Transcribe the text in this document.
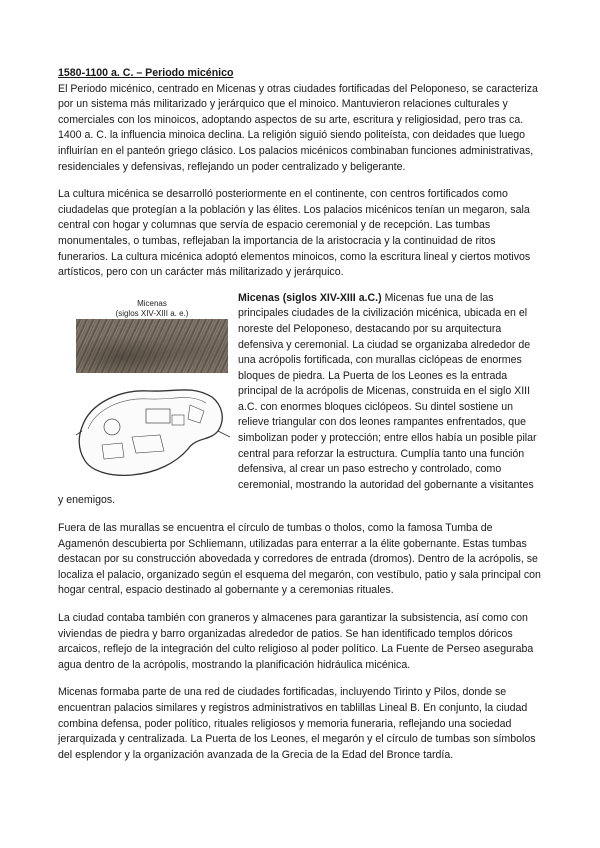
1580-1100 a. C. – Periodo micénico

El Periodo micénico, centrado en Micenas y otras ciudades fortificadas del Peloponeso, se caracteriza por un sistema más militarizado y jerárquico que el minoico. Mantuvieron relaciones culturales y comerciales con los minoicos, adoptando aspectos de su arte, escritura y religiosidad, pero tras ca. 1400 a. C. la influencia minoica declina. La religión siguió siendo politeísta, con deidades que luego influirían en el panteón griego clásico. Los palacios micénicos combinaban funciones administrativas, residenciales y defensivas, reflejando un poder centralizado y beligerante.

La cultura micénica se desarrolló posteriormente en el continente, con centros fortificados como ciudadelas que protegían a la población y las élites. Los palacios micénicos tenían un megaron, sala central con hogar y columnas que servía de espacio ceremonial y de recepción. Las tumbas monumentales, o tumbas, reflejaban la importancia de la aristocracia y la continuidad de ritos funerarios. La cultura micénica adoptó elementos minoicos, como la escritura lineal y ciertos motivos artísticos, pero con un carácter más militarizado y jerárquico.

Micenas
(siglos XIV-XIII a. e.)

Micenas (siglos XIV-XIII a.C.) Micenas fue una de las principales ciudades de la civilización micénica, ubicada en el noreste del Peloponeso, destacando por su arquitectura defensiva y ceremonial. La ciudad se organizaba alrededor de una acrópolis fortificada, con murallas ciclópeas de enormes bloques de piedra. La Puerta de los Leones es la entrada principal de la acrópolis de Micenas, construida en el siglo XIII a.C. con enormes bloques ciclópeos. Su dintel sostiene un relieve triangular con dos leones rampantes enfrentados, que simbolizan poder y protección; entre ellos había un posible pilar central para reforzar la estructura. Cumplía tanto una función defensiva, al crear un paso estrecho y controlado, como ceremonial, mostrando la autoridad del gobernante a visitantes

y enemigos.

Fuera de las murallas se encuentra el círculo de tumbas o tholos, como la famosa Tumba de Agamenón descubierta por Schliemann, utilizadas para enterrar a la élite gobernante. Estas tumbas destacan por su construcción abovedada y corredores de entrada (dromos). Dentro de la acrópolis, se localiza el palacio, organizado según el esquema del megarón, con vestíbulo, patio y sala principal con hogar central, espacio destinado al gobernante y a ceremonias rituales.

La ciudad contaba también con graneros y almacenes para garantizar la subsistencia, así como con viviendas de piedra y barro organizadas alrededor de patios. Se han identificado templos dóricos arcaicos, reflejo de la integración del culto religioso al poder político. La Fuente de Perseo aseguraba agua dentro de la acrópolis, mostrando la planificación hidráulica micénica.

Micenas formaba parte de una red de ciudades fortificadas, incluyendo Tirinto y Pilos, donde se encuentran palacios similares y registros administrativos en tablillas Lineal B. En conjunto, la ciudad combina defensa, poder político, rituales religiosos y memoria funeraria, reflejando una sociedad jerarquizada y centralizada. La Puerta de los Leones, el megarón y el círculo de tumbas son símbolos del esplendor y la organización avanzada de la Grecia de la Edad del Bronce tardía.
